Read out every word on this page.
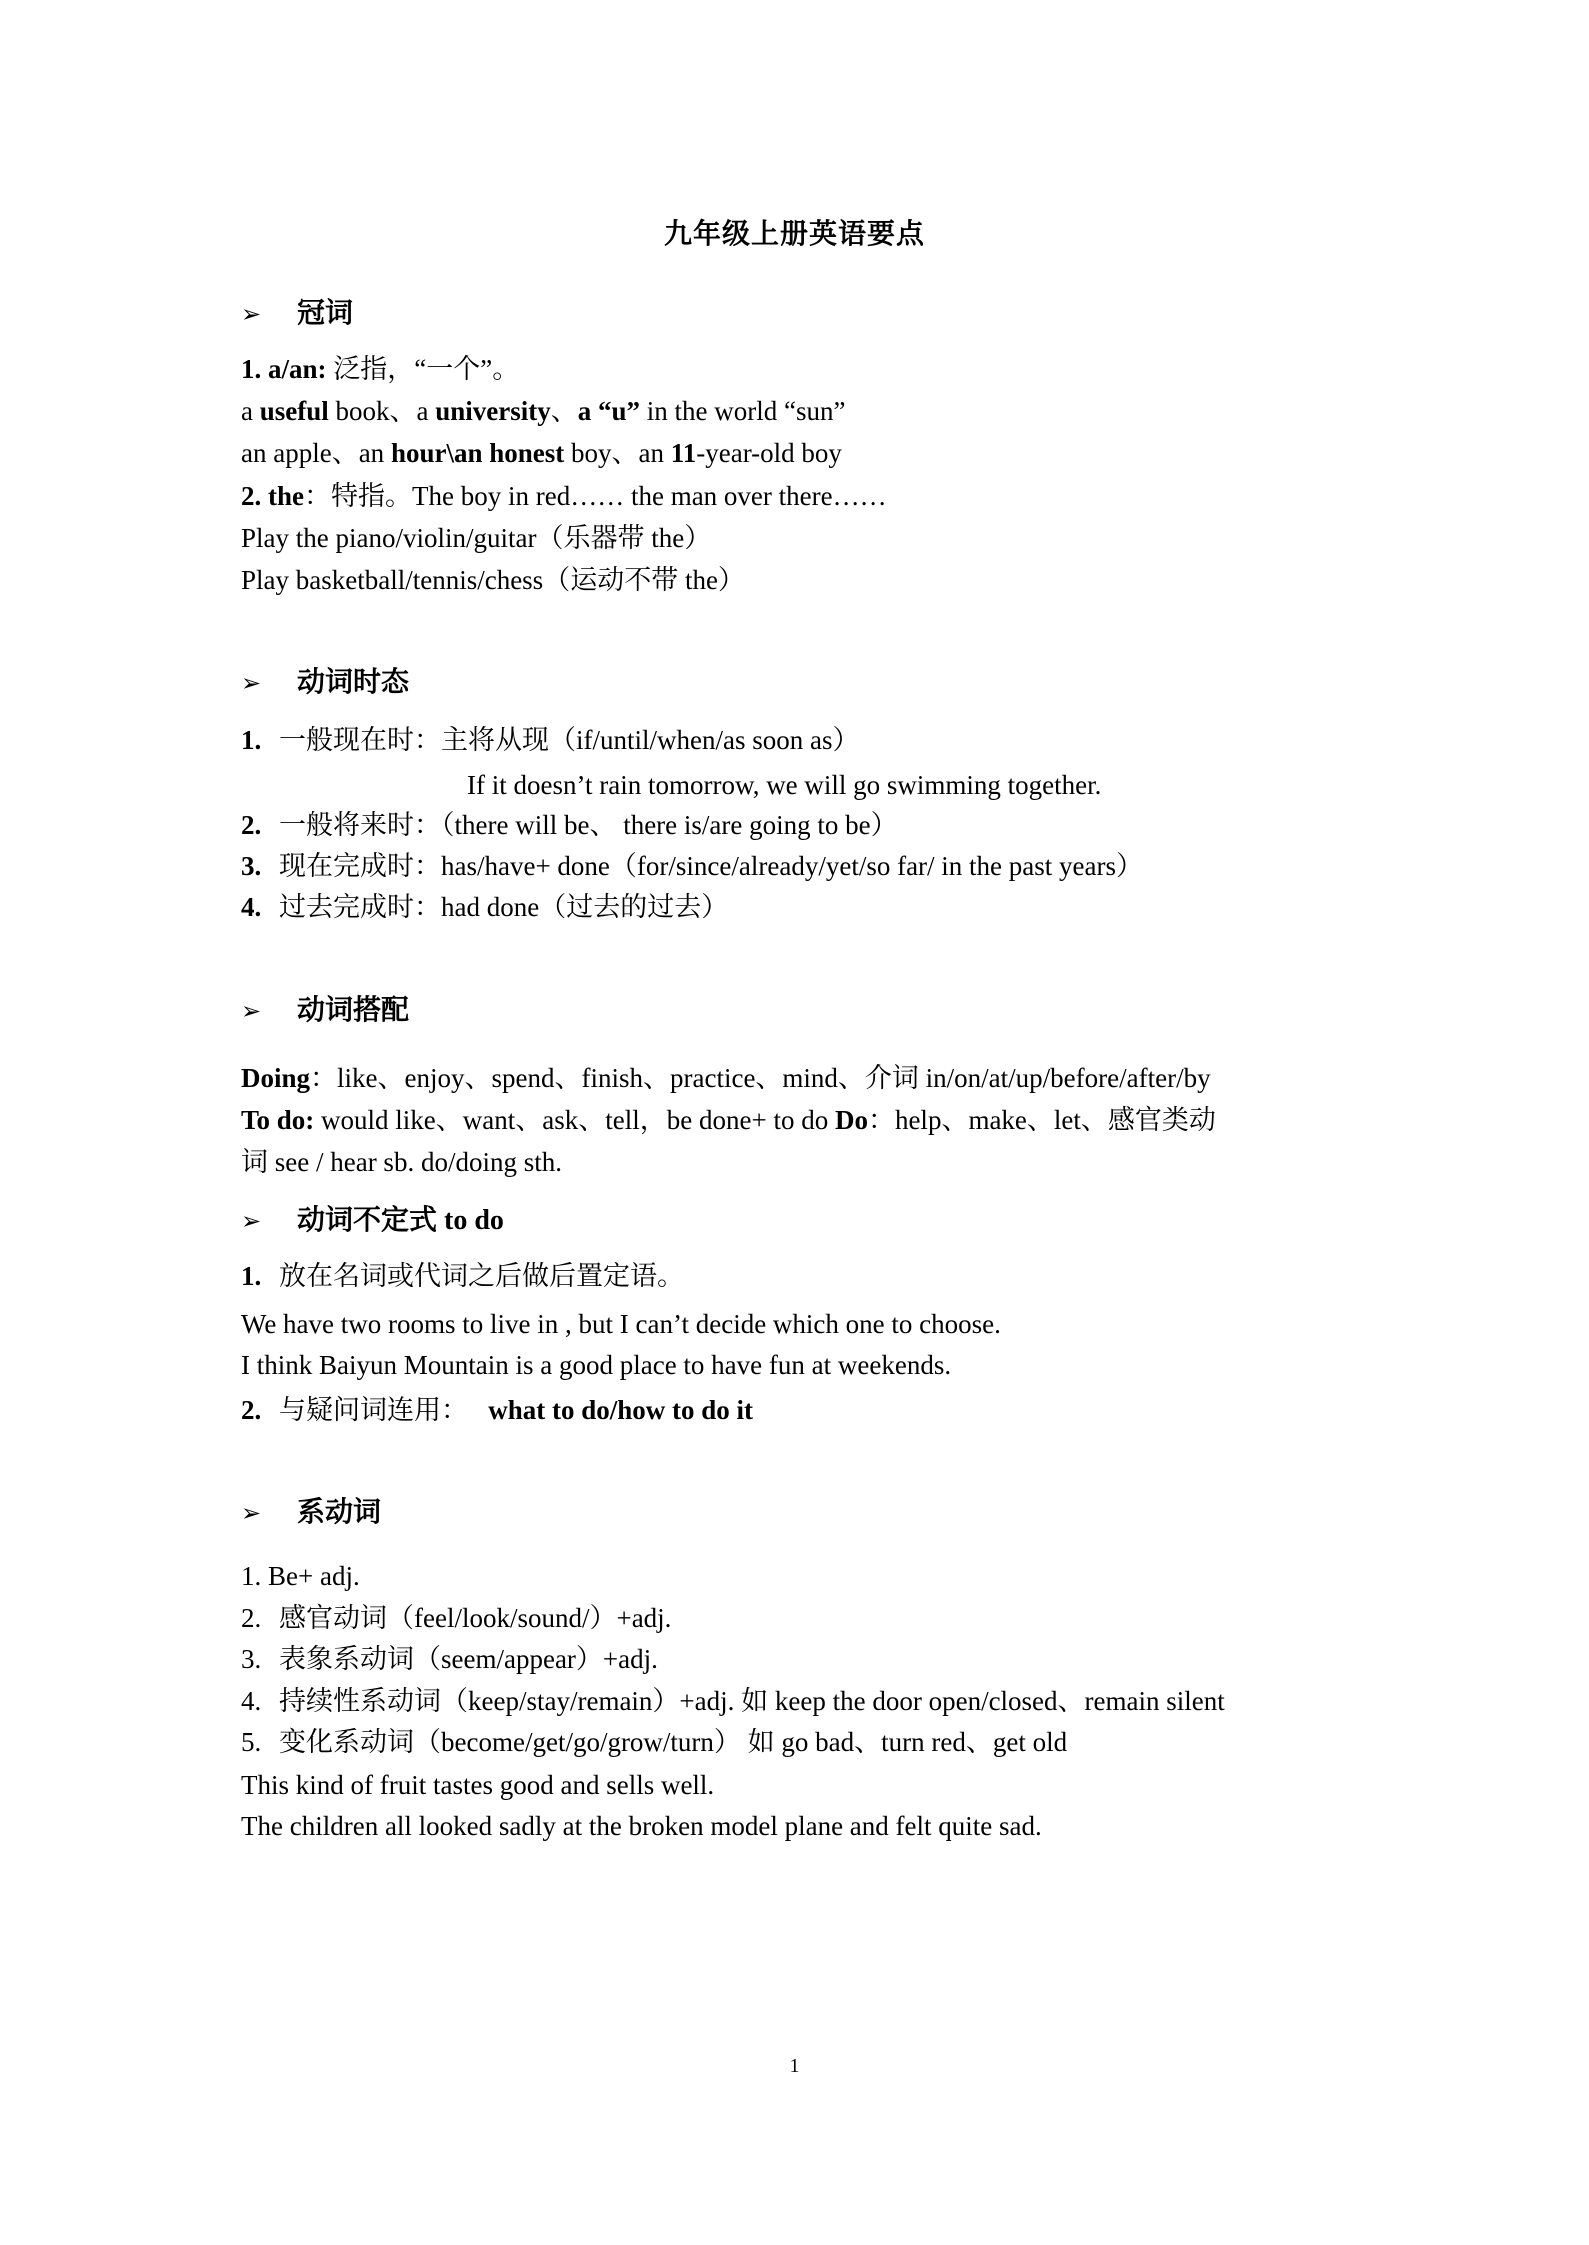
九年级上册英语要点
➢ 冠词
1. a/an: 泛指，“一个”。
a useful book、a university、a “u” in the world “sun”
an apple、an hour\an honest boy、an 11-year-old boy
2. the：特指。The boy in red…… the man over there……
Play the piano/violin/guitar（乐器带 the）
Play basketball/tennis/chess（运动不带 the）
➢ 动词时态
1. 一般现在时：主将从现（if/until/when/as soon as）
If it doesn’t rain tomorrow, we will go swimming together.
2. 一般将来时：（there will be、 there is/are going to be）
3. 现在完成时：has/have+ done（for/since/already/yet/so far/ in the past years）
4. 过去完成时：had done（过去的过去）
➢ 动词搭配
Doing：like、enjoy、spend、finish、practice、mind、介词 in/on/at/up/before/after/by
To do: would like、want、ask、tell，be done+ to do Do：help、make、let、感官类动
词 see / hear sb. do/doing sth.
➢ 动词不定式 to do
1. 放在名词或代词之后做后置定语。
We have two rooms to live in , but I can’t decide which one to choose.
I think Baiyun Mountain is a good place to have fun at weekends.
2. 与疑问词连用： what to do/how to do it
➢ 系动词
1. Be+ adj.
2. 感官动词（feel/look/sound/）+adj.
3. 表象系动词（seem/appear）+adj.
4. 持续性系动词（keep/stay/remain）+adj. 如 keep the door open/closed、remain silent
5. 变化系动词（become/get/go/grow/turn） 如 go bad、turn red、get old
This kind of fruit tastes good and sells well.
The children all looked sadly at the broken model plane and felt quite sad.
1
